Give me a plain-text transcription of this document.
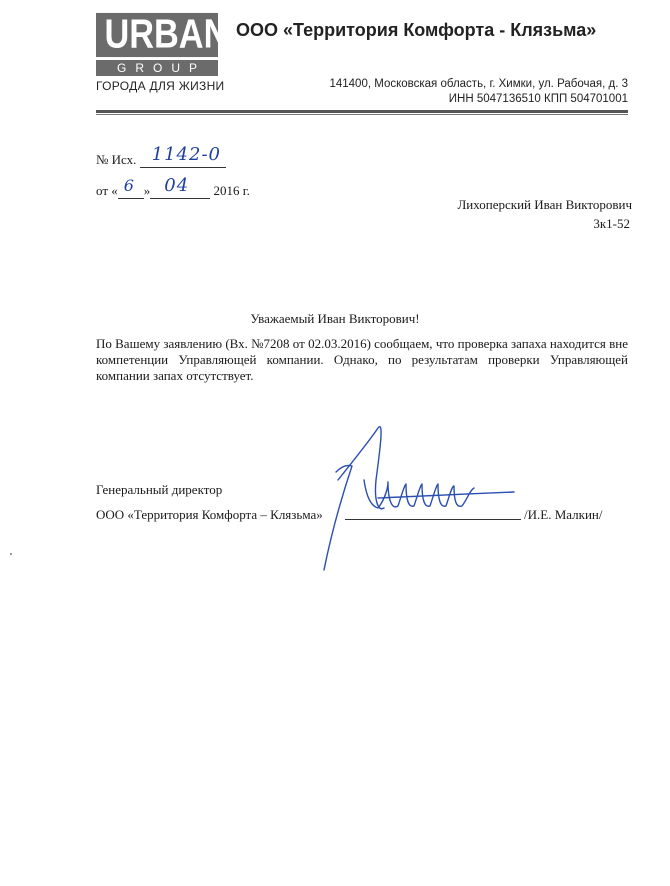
URBAN
GROUP
ГОРОДА ДЛЯ ЖИЗНИ
ООО «Территория Комфорта - Клязьма»
141400, Московская область, г. Химки, ул. Рабочая, д. 3
ИНН 5047136510 КПП 504701001
№ Исх. 1142-0
от « 6 » 04 2016 г.
Лихоперский Иван Викторович
3к1-52
Уважаемый Иван Викторович!
По Вашему заявлению (Вх. №7208 от 02.03.2016) сообщаем, что проверка запаха находится вне компетенции Управляющей компании. Однако, по результатам проверки Управляющей компании запах отсутствует.
Генеральный директор
ООО «Территория Комфорта – Клязьма»	/И.Е. Малкин/
